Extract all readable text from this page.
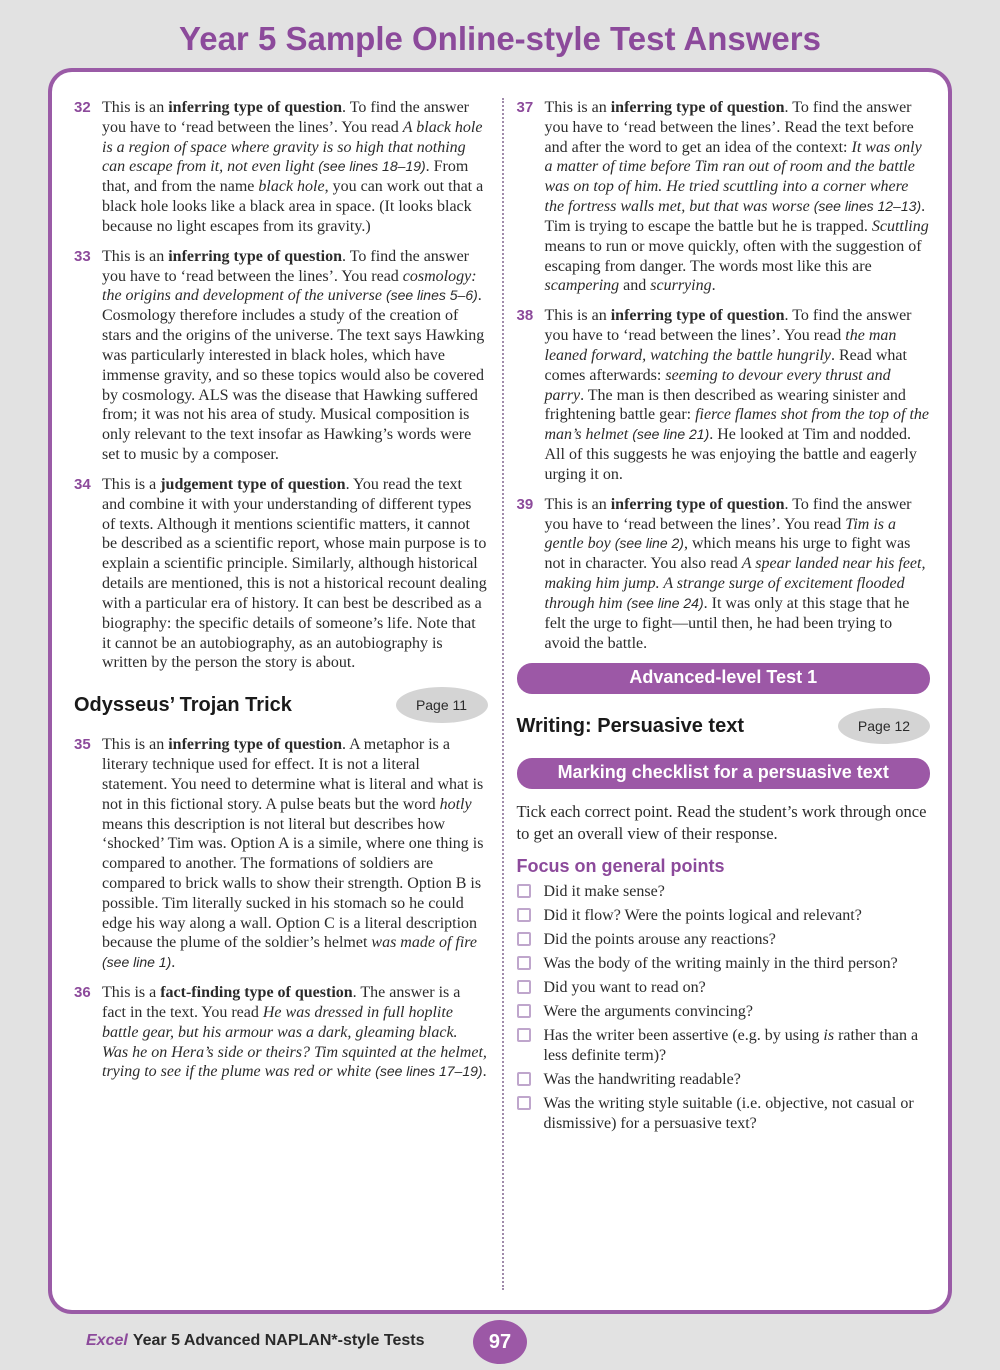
Year 5 Sample Online-style Test Answers
32 This is an inferring type of question. To find the answer you have to ‘read between the lines’. You read A black hole is a region of space where gravity is so high that nothing can escape from it, not even light (see lines 18–19). From that, and from the name black hole, you can work out that a black hole looks like a black area in space. (It looks black because no light escapes from its gravity.)
33 This is an inferring type of question. To find the answer you have to ‘read between the lines’. You read cosmology: the origins and development of the universe (see lines 5–6). Cosmology therefore includes a study of the creation of stars and the origins of the universe. The text says Hawking was particularly interested in black holes, which have immense gravity, and so these topics would also be covered by cosmology. ALS was the disease that Hawking suffered from; it was not his area of study. Musical composition is only relevant to the text insofar as Hawking’s words were set to music by a composer.
34 This is a judgement type of question. You read the text and combine it with your understanding of different types of texts. Although it mentions scientific matters, it cannot be described as a scientific report, whose main purpose is to explain a scientific principle. Similarly, although historical details are mentioned, this is not a historical recount dealing with a particular era of history. It can best be described as a biography: the specific details of someone’s life. Note that it cannot be an autobiography, as an autobiography is written by the person the story is about.
Odysseus’ Trojan Trick	Page 11
35 This is an inferring type of question. A metaphor is a literary technique used for effect. It is not a literal statement. You need to determine what is literal and what is not in this fictional story. A pulse beats but the word hotly means this description is not literal but describes how ‘shocked’ Tim was. Option A is a simile, where one thing is compared to another. The formations of soldiers are compared to brick walls to show their strength. Option B is possible. Tim literally sucked in his stomach so he could edge his way along a wall. Option C is a literal description because the plume of the soldier’s helmet was made of fire (see line 1).
36 This is a fact-finding type of question. The answer is a fact in the text. You read He was dressed in full hoplite battle gear, but his armour was a dark, gleaming black. Was he on Hera’s side or theirs? Tim squinted at the helmet, trying to see if the plume was red or white (see lines 17–19).
37 This is an inferring type of question. To find the answer you have to ‘read between the lines’. Read the text before and after the word to get an idea of the context: It was only a matter of time before Tim ran out of room and the battle was on top of him. He tried scuttling into a corner where the fortress walls met, but that was worse (see lines 12–13). Tim is trying to escape the battle but he is trapped. Scuttling means to run or move quickly, often with the suggestion of escaping from danger. The words most like this are scampering and scurrying.
38 This is an inferring type of question. To find the answer you have to ‘read between the lines’. You read the man leaned forward, watching the battle hungrily. Read what comes afterwards: seeming to devour every thrust and parry. The man is then described as wearing sinister and frightening battle gear: fierce flames shot from the top of the man’s helmet (see line 21). He looked at Tim and nodded. All of this suggests he was enjoying the battle and eagerly urging it on.
39 This is an inferring type of question. To find the answer you have to ‘read between the lines’. You read Tim is a gentle boy (see line 2), which means his urge to fight was not in character. You also read A spear landed near his feet, making him jump. A strange surge of excitement flooded through him (see line 24). It was only at this stage that he felt the urge to fight—until then, he had been trying to avoid the battle.
Advanced-level Test 1
Writing: Persuasive text	Page 12
Marking checklist for a persuasive text

Tick each correct point. Read the student’s work through once to get an overall view of their response.

Focus on general points
Did it make sense?
Did it flow? Were the points logical and relevant?
Did the points arouse any reactions?
Was the body of the writing mainly in the third person?
Did you want to read on?
Were the arguments convincing?
Has the writer been assertive (e.g. by using is rather than a less definite term)?
Was the handwriting readable?
Was the writing style suitable (i.e. objective, not casual or dismissive) for a persuasive text?
Excel Year 5 Advanced NAPLAN*-style Tests	97
